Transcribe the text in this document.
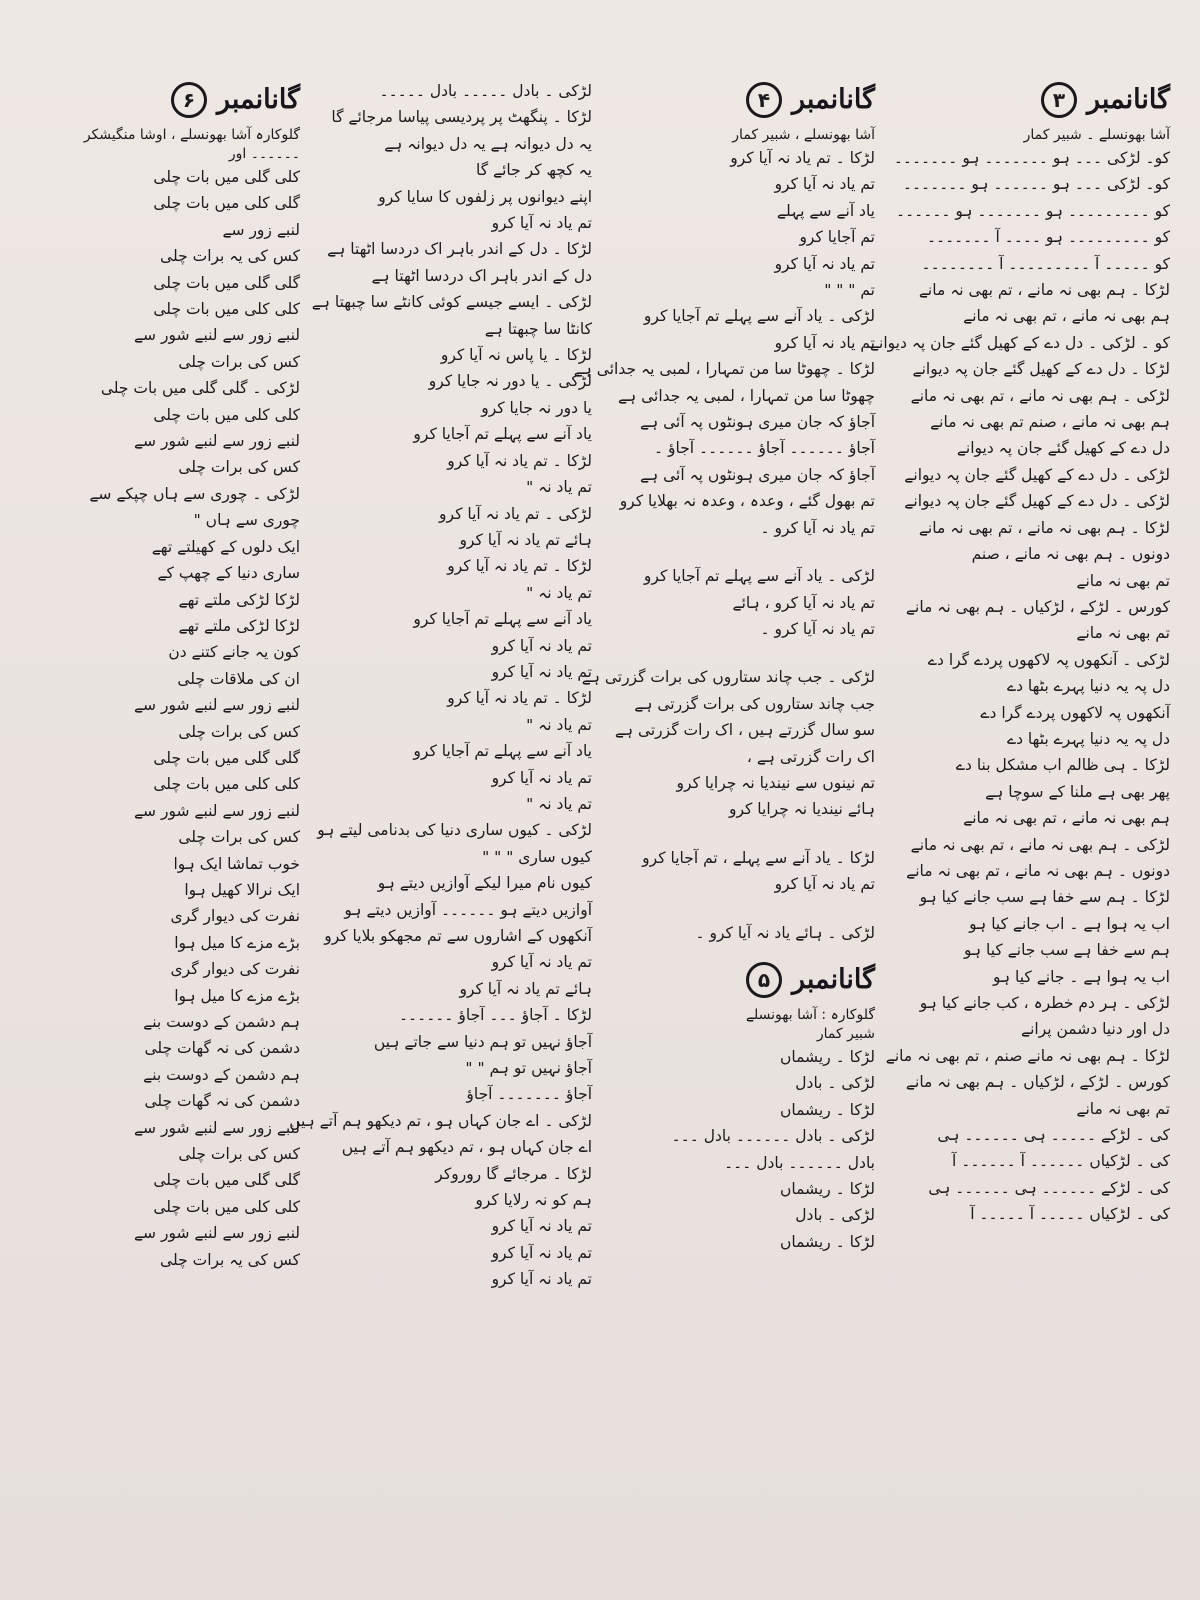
گانانمبر
۳
آشا بھونسلے ۔ شبیر کمار
کو۔ لڑکی ۔۔۔ ہو ۔۔۔۔۔۔۔ ہو ۔۔۔۔۔۔۔
کو۔ لڑکی ۔۔۔ ہو ۔۔۔۔۔۔ ہو ۔۔۔۔۔۔۔
کو ۔۔۔۔۔۔۔۔۔ ہو ۔۔۔۔۔۔۔ ہو ۔۔۔۔۔۔
کو ۔۔۔۔۔۔۔۔۔ ہو ۔۔۔۔ آ ۔۔۔۔۔۔۔
کو ۔۔۔۔۔ آ ۔۔۔۔۔۔۔۔۔ آ ۔۔۔۔۔۔۔۔
لڑکا ۔ ہم بھی نہ مانے ، تم بھی نہ مانے
ہم بھی نہ مانے ، تم بھی نہ مانے
کو ۔ لڑکی ۔ دل دے کے کھیل گئے جان پہ دیوانے
لڑکا ۔ دل دے کے کھیل گئے جان پہ دیوانے
لڑکی ۔ ہم بھی نہ مانے ، تم بھی نہ مانے
ہم بھی نہ مانے ، صنم تم بھی نہ مانے
دل دے کے کھیل گئے جان پہ دیوانے
لڑکی ۔ دل دے کے کھیل گئے جان پہ دیوانے
لڑکی ۔ دل دے کے کھیل گئے جان پہ دیوانے
لڑکا ۔ ہم بھی نہ مانے ، تم بھی نہ مانے
دونوں ۔ ہم بھی نہ مانے ، صنم
تم بھی نہ مانے
کورس ۔ لڑکے ، لڑکیاں ۔ ہم بھی نہ مانے
تم بھی نہ مانے
لڑکی ۔ آنکھوں پہ لاکھوں پردے گرا دے
دل پہ یہ دنیا پہرے بٹھا دے
آنکھوں پہ لاکھوں پردے گرا دے
دل پہ یہ دنیا پہرے بٹھا دے
لڑکا ۔ ہی ظالم اب مشکل بنا دے
پھر بھی ہے ملنا کے سوچا ہے
ہم بھی نہ مانے ، تم بھی نہ مانے
لڑکی ۔ ہم بھی نہ مانے ، تم بھی نہ مانے
دونوں ۔ ہم بھی نہ مانے ، تم بھی نہ مانے
لڑکا ۔ ہم سے خفا ہے سب جانے کیا ہو
اب یہ ہوا ہے ۔ اب جانے کیا ہو
ہم سے خفا ہے سب جانے کیا ہو
اب یہ ہوا ہے ۔ جانے کیا ہو
لڑکی ۔ ہر دم خطرہ ، کب جانے کیا ہو
دل اور دنیا دشمن پرانے
لڑکا ۔ ہم بھی نہ مانے صنم ، تم بھی نہ مانے
کورس ۔ لڑکے ، لڑکیاں ۔ ہم بھی نہ مانے
تم بھی نہ مانے
کی ۔ لڑکے ۔۔۔۔۔ ہی ۔۔۔۔۔۔ ہی
کی ۔ لڑکیاں ۔۔۔۔۔۔ آ ۔۔۔۔۔۔ آ
کی ۔ لڑکے ۔۔۔۔۔۔ ہی ۔۔۔۔۔۔ ہی
کی ۔ لڑکیاں ۔۔۔۔۔ آ ۔۔۔۔۔ آ
گانانمبر
۴
آشا بھونسلے ، شبیر کمار
لڑکا ۔ تم یاد نہ آیا کرو
تم یاد نہ آیا کرو
یاد آنے سے پہلے
تم آجایا کرو
تم یاد نہ آیا کرو
تم " " "
لڑکی ۔ یاد آنے سے پہلے تم آجایا کرو
تم یاد نہ آیا کرو
لڑکا ۔ چھوٹا سا من تمہارا ، لمبی یہ جدائی ہے
چھوٹا سا من تمہارا ، لمبی یہ جدائی ہے
آجاؤ کہ جان میری ہونٹوں پہ آئی ہے
آجاؤ ۔۔۔۔۔۔ آجاؤ ۔۔۔۔۔۔ آجاؤ ۔
آجاؤ کہ جان میری ہونٹوں پہ آئی ہے
تم بھول گئے ، وعدہ ، وعدہ نہ بھلایا کرو
تم یاد نہ آیا کرو ۔
لڑکی ۔ یاد آنے سے پہلے تم آجایا کرو
تم یاد نہ آیا کرو ، ہائے
تم یاد نہ آیا کرو ۔
لڑکی ۔ جب چاند ستاروں کی برات گزرتی ہے
جب چاند ستاروں کی برات گزرتی ہے
سو سال گزرتے ہیں ، اک رات گزرتی ہے
اک رات گزرتی ہے ،
تم نینوں سے نیندیا نہ چرایا کرو
ہائے نیندیا نہ چرایا کرو
لڑکا ۔ یاد آنے سے پہلے ، تم آجایا کرو
تم یاد نہ آیا کرو
لڑکی ۔ ہائے یاد نہ آیا کرو ۔
گانانمبر
۵
گلوکارہ : آشا بھونسلے
شبیر کمار
لڑکا ۔ ریشماں
لڑکی ۔ بادل
لڑکا ۔ ریشماں
لڑکی ۔ بادل ۔۔۔۔۔۔ بادل ۔۔۔
بادل ۔۔۔۔۔۔ بادل ۔۔۔
لڑکا ۔ ریشماں
لڑکی ۔ بادل
لڑکا ۔ ریشماں
لڑکی ۔ بادل ۔۔۔۔۔ بادل ۔۔۔۔۔
لڑکا ۔ پنگھٹ پر پردیسی پیاسا مرجائے گا
یہ دل دیوانہ ہے یہ دل دیوانہ ہے
یہ کچھ کر جائے گا
اپنے دیوانوں پر زلفوں کا سایا کرو
تم یاد نہ آیا کرو
لڑکا ۔ دل کے اندر باہر اک دردسا اٹھتا ہے
دل کے اندر باہر اک دردسا اٹھتا ہے
لڑکی ۔ ایسے جیسے کوئی کانٹے سا چبھتا ہے
کانٹا سا چبھتا ہے
لڑکا ۔ یا پاس نہ آیا کرو
لڑکی ۔ یا دور نہ جایا کرو
یا دور نہ جایا کرو
یاد آنے سے پہلے تم آجایا کرو
لڑکا ۔ تم یاد نہ آیا کرو
تم یاد نہ "
لڑکی ۔ تم یاد نہ آیا کرو
ہائے تم یاد نہ آیا کرو
لڑکا ۔ تم یاد نہ آیا کرو
تم یاد نہ "
یاد آنے سے پہلے تم آجایا کرو
تم یاد نہ آیا کرو
تم یاد نہ آیا کرو
لڑکا ۔ تم یاد نہ آیا کرو
تم یاد نہ "
یاد آنے سے پہلے تم آجایا کرو
تم یاد نہ آیا کرو
تم یاد نہ "
لڑکی ۔ کیوں ساری دنیا کی بدنامی لیتے ہو
کیوں ساری " " "
کیوں نام میرا لیکے آوازیں دیتے ہو
آوازیں دیتے ہو ۔۔۔۔۔۔ آوازیں دیتے ہو
آنکھوں کے اشاروں سے تم مجھکو بلایا کرو
تم یاد نہ آیا کرو
ہائے تم یاد نہ آیا کرو
لڑکا ۔ آجاؤ ۔۔۔ آجاؤ ۔۔۔۔۔۔
آجاؤ نہیں تو ہم دنیا سے جاتے ہیں
آجاؤ نہیں تو ہم " "
آجاؤ ۔۔۔۔۔۔۔ آجاؤ
لڑکی ۔ اے جان کہاں ہو ، تم دیکھو ہم آتے ہیں
اے جان کہاں ہو ، تم دیکھو ہم آتے ہیں
لڑکا ۔ مرجائے گا روروکر
ہم کو نہ رلایا کرو
تم یاد نہ آیا کرو
تم یاد نہ آیا کرو
تم یاد نہ آیا کرو
گانانمبر
۶
گلوکارہ آشا بھونسلے ، اوشا منگیشکر
۔۔۔۔۔۔ اور
کلی گلی میں بات چلی
گلی کلی میں بات چلی
لنبے زور سے
کس کی یہ برات چلی
گلی گلی میں بات چلی
کلی کلی میں بات چلی
لنبے زور سے لنبے شور سے
کس کی برات چلی
لڑکی ۔ گلی گلی میں بات چلی
کلی کلی میں بات چلی
لنبے زور سے لنبے شور سے
کس کی برات چلی
لڑکی ۔ چوری سے ہاں چپکے سے
چوری سے ہاں "
ایک دلوں کے کھیلتے تھے
ساری دنیا کے چھپ کے
لڑکا لڑکی ملتے تھے
لڑکا لڑکی ملتے تھے
کون یہ جانے کتنے دن
ان کی ملاقات چلی
لنبے زور سے لنبے شور سے
کس کی برات چلی
گلی گلی میں بات چلی
کلی کلی میں بات چلی
لنبے زور سے لنبے شور سے
کس کی برات چلی
خوب تماشا ایک ہوا
ایک نرالا کھیل ہوا
نفرت کی دیوار گری
بڑے مزے کا میل ہوا
نفرت کی دیوار گری
بڑے مزے کا میل ہوا
ہم دشمن کے دوست بنے
دشمن کی نہ گھات چلی
ہم دشمن کے دوست بنے
دشمن کی نہ گھات چلی
لنبے زور سے لنبے شور سے
کس کی برات چلی
گلی گلی میں بات چلی
کلی کلی میں بات چلی
لنبے زور سے لنبے شور سے
کس کی یہ برات چلی
